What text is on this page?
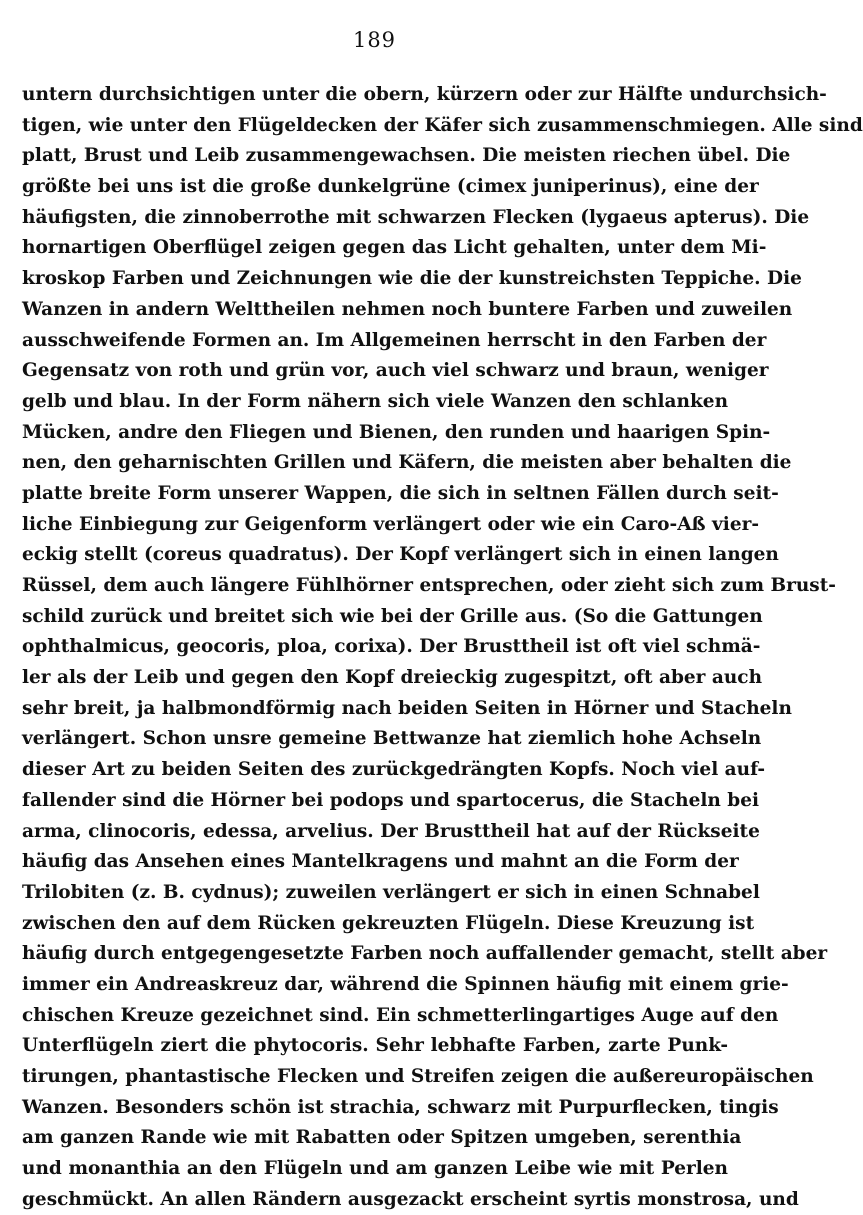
189
untern durchsichtigen unter die obern, kürzern oder zur Hälfte undurchsich-
tigen, wie unter den Flügeldecken der Käfer sich zusammenschmiegen. Alle sind
platt, Brust und Leib zusammengewachsen. Die meisten riechen übel. Die
größte bei uns ist die große dunkelgrüne (cimex juniperinus), eine der
häufigsten, die zinnoberrothe mit schwarzen Flecken (lygaeus apterus). Die
hornartigen Oberflügel zeigen gegen das Licht gehalten, unter dem Mi-
kroskop Farben und Zeichnungen wie die der kunstreichsten Teppiche. Die
Wanzen in andern Welttheilen nehmen noch buntere Farben und zuweilen
ausschweifende Formen an. Im Allgemeinen herrscht in den Farben der
Gegensatz von roth und grün vor, auch viel schwarz und braun, weniger
gelb und blau. In der Form nähern sich viele Wanzen den schlanken
Mücken, andre den Fliegen und Bienen, den runden und haarigen Spin-
nen, den geharnischten Grillen und Käfern, die meisten aber behalten die
platte breite Form unserer Wappen, die sich in seltnen Fällen durch seit-
liche Einbiegung zur Geigenform verlängert oder wie ein Caro-Aß vier-
eckig stellt (coreus quadratus). Der Kopf verlängert sich in einen langen
Rüssel, dem auch längere Fühlhörner entsprechen, oder zieht sich zum Brust-
schild zurück und breitet sich wie bei der Grille aus. (So die Gattungen
ophthalmicus, geocoris, ploa, corixa). Der Brusttheil ist oft viel schmä-
ler als der Leib und gegen den Kopf dreieckig zugespitzt, oft aber auch
sehr breit, ja halbmondförmig nach beiden Seiten in Hörner und Stacheln
verlängert. Schon unsre gemeine Bettwanze hat ziemlich hohe Achseln
dieser Art zu beiden Seiten des zurückgedrängten Kopfs. Noch viel auf-
fallender sind die Hörner bei podops und spartocerus, die Stacheln bei
arma, clinocoris, edessa, arvelius. Der Brusttheil hat auf der Rückseite
häufig das Ansehen eines Mantelkragens und mahnt an die Form der
Trilobiten (z. B. cydnus); zuweilen verlängert er sich in einen Schnabel
zwischen den auf dem Rücken gekreuzten Flügeln. Diese Kreuzung ist
häufig durch entgegengesetzte Farben noch auffallender gemacht, stellt aber
immer ein Andreaskreuz dar, während die Spinnen häufig mit einem grie-
chischen Kreuze gezeichnet sind. Ein schmetterlingartiges Auge auf den
Unterflügeln ziert die phytocoris. Sehr lebhafte Farben, zarte Punk-
tirungen, phantastische Flecken und Streifen zeigen die außereuropäischen
Wanzen. Besonders schön ist strachia, schwarz mit Purpurflecken, tingis
am ganzen Rande wie mit Rabatten oder Spitzen umgeben, serenthia
und monanthia an den Flügeln und am ganzen Leibe wie mit Perlen
geschmückt. An allen Rändern ausgezackt erscheint syrtis monstrosa, und
